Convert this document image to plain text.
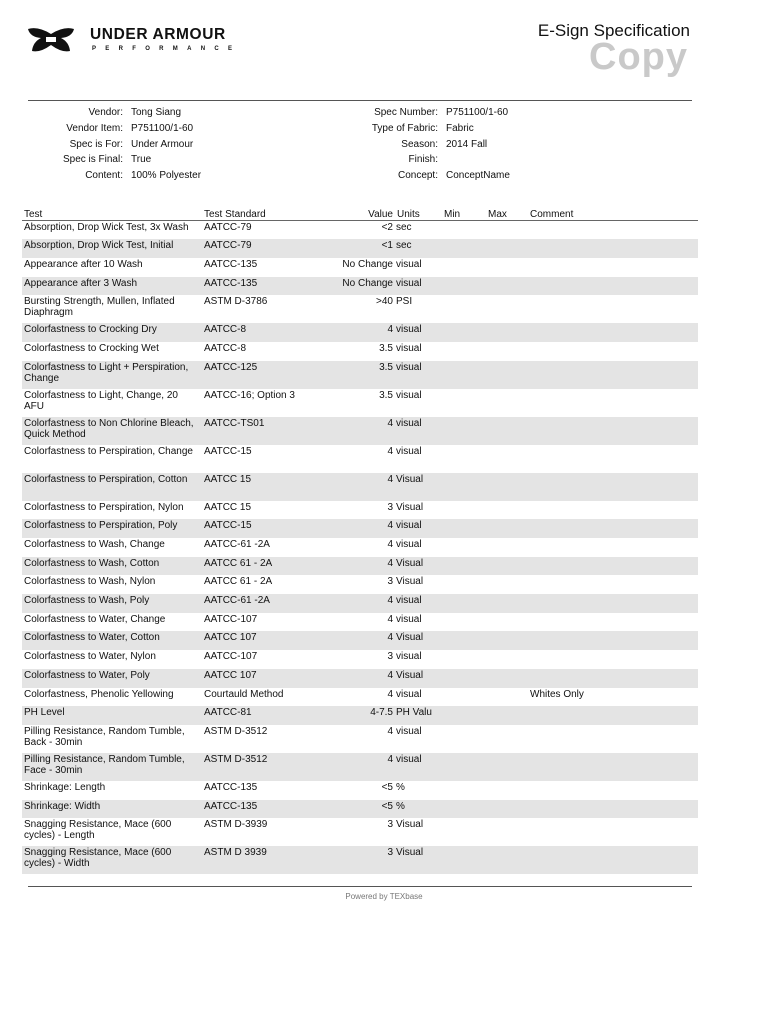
UNDER ARMOUR
PERFORMANCE
E-Sign Specification
Copy
Vendor: Tong Siang
Vendor Item: P751100/1-60
Spec is For: Under Armour
Spec is Final: True
Content: 100% Polyester
Spec Number: P751100/1-60
Type of Fabric: Fabric
Season: 2014 Fall
Finish:
Concept: ConceptName
Test	Test Standard	Value	Units	Min	Max	Comment
Absorption, Drop Wick Test, 3x Wash	AATCC-79	<2	sec			
Absorption, Drop Wick Test, Initial	AATCC-79	<1	sec			
Appearance after 10 Wash	AATCC-135	No Change	visual			
Appearance after 3 Wash	AATCC-135	No Change	visual			
Bursting Strength, Mullen, Inflated Diaphragm	ASTM D-3786	>40	PSI			
Colorfastness to Crocking Dry	AATCC-8	4	visual			
Colorfastness to Crocking Wet	AATCC-8	3.5	visual			
Colorfastness to Light + Perspiration, Change	AATCC-125	3.5	visual			
Colorfastness to Light, Change, 20 AFU	AATCC-16; Option 3	3.5	visual			
Colorfastness to Non Chlorine Bleach, Quick Method	AATCC-TS01	4	visual			
Colorfastness to Perspiration, Change	AATCC-15	4	visual			
Colorfastness to Perspiration, Cotton	AATCC 15	4	Visual			
Colorfastness to Perspiration, Nylon	AATCC 15	3	Visual			
Colorfastness to Perspiration, Poly	AATCC-15	4	visual			
Colorfastness to Wash, Change	AATCC-61 -2A	4	visual			
Colorfastness to Wash, Cotton	AATCC 61 - 2A	4	Visual			
Colorfastness to Wash, Nylon	AATCC 61 - 2A	3	Visual			
Colorfastness to Wash, Poly	AATCC-61 -2A	4	visual			
Colorfastness to Water, Change	AATCC-107	4	visual			
Colorfastness to Water, Cotton	AATCC 107	4	Visual			
Colorfastness to Water, Nylon	AATCC-107	3	visual			
Colorfastness to Water, Poly	AATCC 107	4	Visual			
Colorfastness, Phenolic Yellowing	Courtauld Method	4	visual			Whites Only
PH Level	AATCC-81	4-7.5	PH Valu			
Pilling Resistance, Random Tumble, Back - 30min	ASTM D-3512	4	visual			
Pilling Resistance, Random Tumble, Face - 30min	ASTM D-3512	4	visual			
Shrinkage: Length	AATCC-135	<5	%			
Shrinkage: Width	AATCC-135	<5	%			
Snagging Resistance, Mace (600 cycles) - Length	ASTM D-3939	3	Visual			
Snagging Resistance, Mace (600 cycles) - Width	ASTM D 3939	3	Visual			
Powered by TEXbase
